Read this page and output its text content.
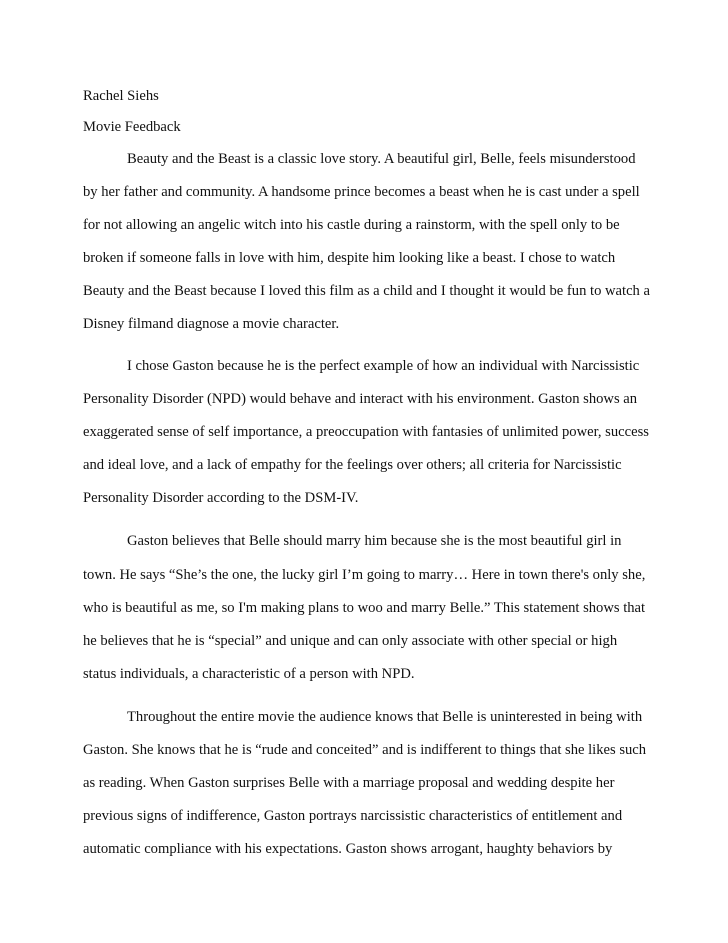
Rachel Siehs

Movie Feedback

Beauty and the Beast is a classic love story. A beautiful girl, Belle, feels misunderstood

by her father and community. A handsome prince becomes a beast when he is cast under a spell

for not allowing an angelic witch into his castle during a rainstorm, with the spell only to be

broken if someone falls in love with him, despite him looking like a beast. I chose to watch

Beauty and the Beast because I loved this film as a child and I thought it would be fun to watch a

Disney filmand diagnose a movie character.

I chose Gaston because he is the perfect example of how an individual with Narcissistic

Personality Disorder (NPD) would behave and interact with his environment. Gaston shows an

exaggerated sense of self importance, a preoccupation with fantasies of unlimited power, success

and ideal love, and a lack of empathy for the feelings over others; all criteria for Narcissistic

Personality Disorder according to the DSM-IV.

Gaston believes that Belle should marry him because she is the most beautiful girl in

town. He says “She’s the one, the lucky girl I’m going to marry… Here in town there's only she,

who is beautiful as me, so I'm making plans to woo and marry Belle.” This statement shows that

he believes that he is “special” and unique and can only associate with other special or high

status individuals, a characteristic of a person with NPD.

Throughout the entire movie the audience knows that Belle is uninterested in being with

Gaston. She knows that he is “rude and conceited” and is indifferent to things that she likes such

as reading. When Gaston surprises Belle with a marriage proposal and wedding despite her

previous signs of indifference, Gaston portrays narcissistic characteristics of entitlement and

automatic compliance with his expectations. Gaston shows arrogant, haughty behaviors by
